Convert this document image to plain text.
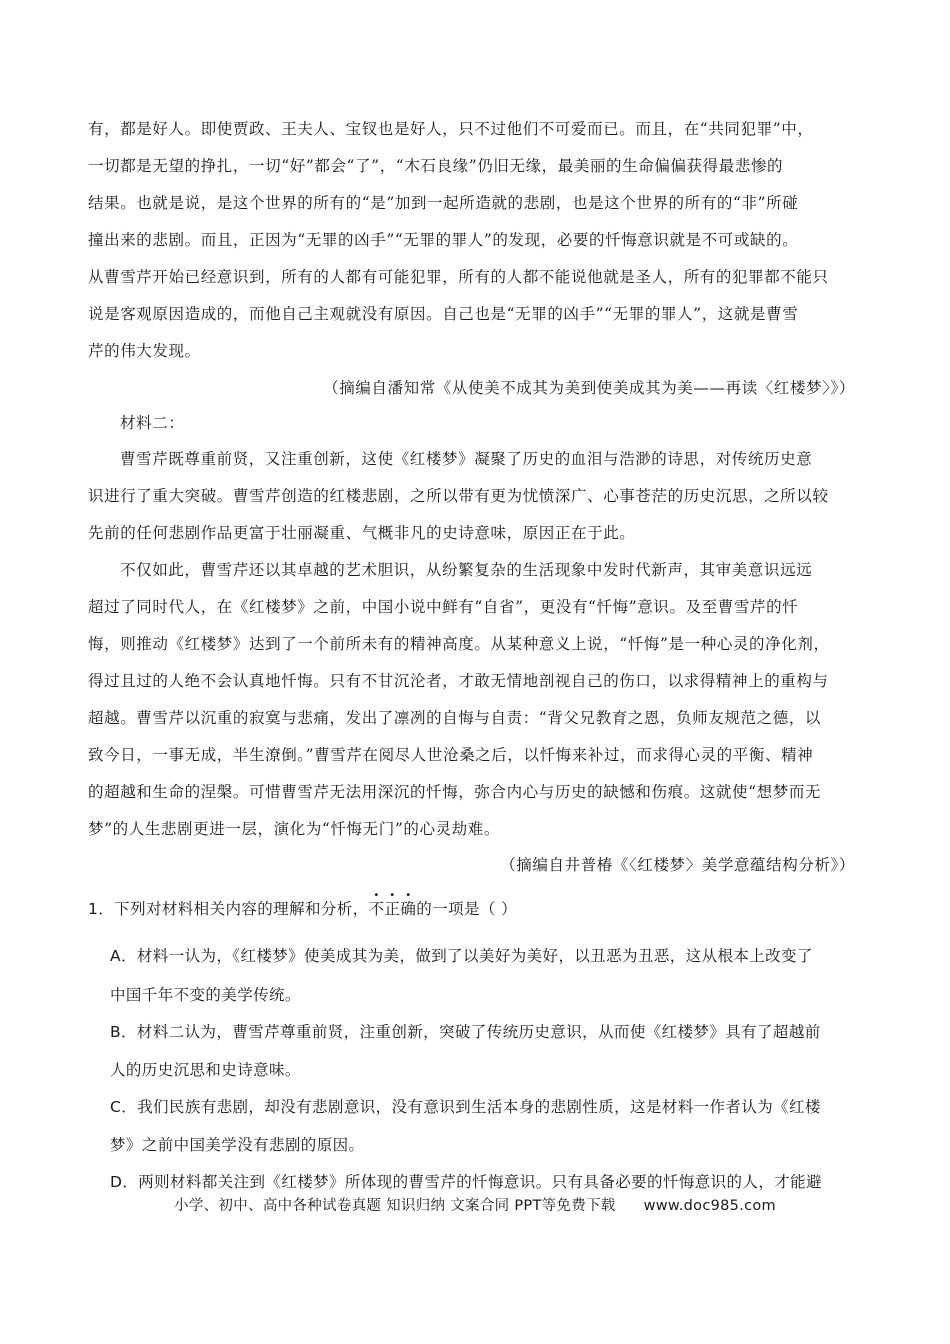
有，都是好人。即使贾政、王夫人、宝钗也是好人，只不过他们不可爱而已。而且，在“共同犯罪”中，
一切都是无望的挣扎，一切“好”都会“了”，“木石良缘”仍旧无缘，最美丽的生命偏偏获得最悲惨的
结果。也就是说，是这个世界的所有的“是”加到一起所造就的悲剧，也是这个世界的所有的“非”所碰
撞出来的悲剧。而且，正因为“无罪的凶手”“无罪的罪人”的发现，必要的忏悔意识就是不可或缺的。
从曹雪芹开始已经意识到，所有的人都有可能犯罪，所有的人都不能说他就是圣人，所有的犯罪都不能只
说是客观原因造成的，而他自己主观就没有原因。自己也是“无罪的凶手”“无罪的罪人”，这就是曹雪
芹的伟大发现。
（摘编自潘知常《从使美不成其为美到使美成其为美——再读〈红楼梦〉》）
材料二：
曹雪芹既尊重前贤，又注重创新，这使《红楼梦》凝聚了历史的血泪与浩渺的诗思，对传统历史意
识进行了重大突破。曹雪芹创造的红楼悲剧，之所以带有更为忧愤深广、心事苍茫的历史沉思，之所以较
先前的任何悲剧作品更富于壮丽凝重、气概非凡的史诗意味，原因正在于此。
不仅如此，曹雪芹还以其卓越的艺术胆识，从纷繁复杂的生活现象中发时代新声，其审美意识远远
超过了同时代人，在《红楼梦》之前，中国小说中鲜有“自省”，更没有“忏悔”意识。及至曹雪芹的忏
悔，则推动《红楼梦》达到了一个前所未有的精神高度。从某种意义上说，“忏悔”是一种心灵的净化剂，
得过且过的人绝不会认真地忏悔。只有不甘沉沦者，才敢无情地剖视自己的伤口，以求得精神上的重构与
超越。曹雪芹以沉重的寂寞与悲痛，发出了凛冽的自悔与自责：“背父兄教育之恩，负师友规范之德，以
致今日，一事无成，半生潦倒。”曹雪芹在阅尽人世沧桑之后，以忏悔来补过，而求得心灵的平衡、精神
的超越和生命的涅槃。可惜曹雪芹无法用深沉的忏悔，弥合内心与历史的缺憾和伤痕。这就使“想梦而无
梦”的人生悲剧更进一层，演化为“忏悔无门”的心灵劫难。
（摘编自井普椿《〈红楼梦〉美学意蕴结构分析》）
1．下列对材料相关内容的理解和分析，
•
不
•
正
•
确的一项是（ ）
A．材料一认为，《红楼梦》使美成其为美，做到了以美好为美好，以丑恶为丑恶，这从根本上改变了
中国千年不变的美学传统。
B．材料二认为，曹雪芹尊重前贤，注重创新，突破了传统历史意识，从而使《红楼梦》具有了超越前
人的历史沉思和史诗意味。
C．我们民族有悲剧，却没有悲剧意识，没有意识到生活本身的悲剧性质，这是材料一作者认为《红楼
梦》之前中国美学没有悲剧的原因。
D．两则材料都关注到《红楼梦》所体现的曹雪芹的忏悔意识。只有具备必要的忏悔意识的人，才能避
小学、初中、高中各种试卷真题 知识归纳 文案合同 PPT等免费下载 www.doc985.com
